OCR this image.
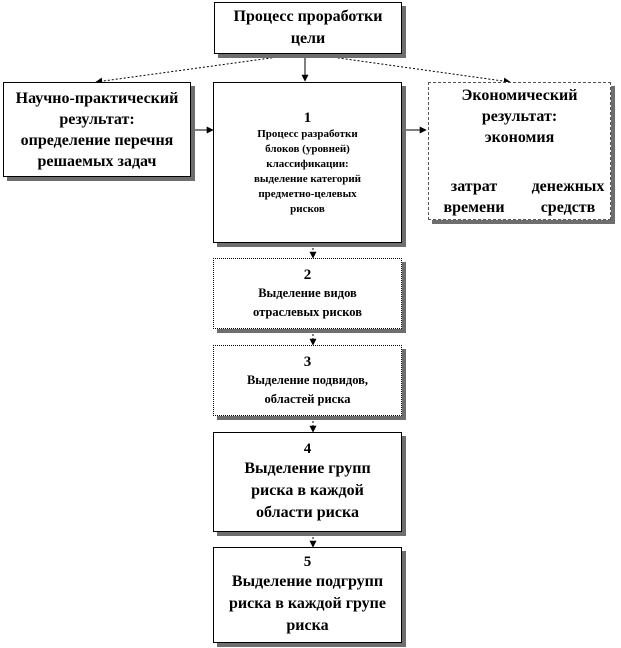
Процесс проработки
цели
Научно-практический
результат:
определение перечня
решаемых задач
1
Процесс разработки
блоков (уровней)
классификации:
выделение категорий
предметно-целевых
рисков
Экономический
результат:
экономия
затрат
времени
денежных
средств
2
Выделение видов
отраслевых рисков
3
Выделение подвидов,
областей риска
4
Выделение групп
риска в каждой
области риска
5
Выделение подгрупп
риска в каждой групе
риска
